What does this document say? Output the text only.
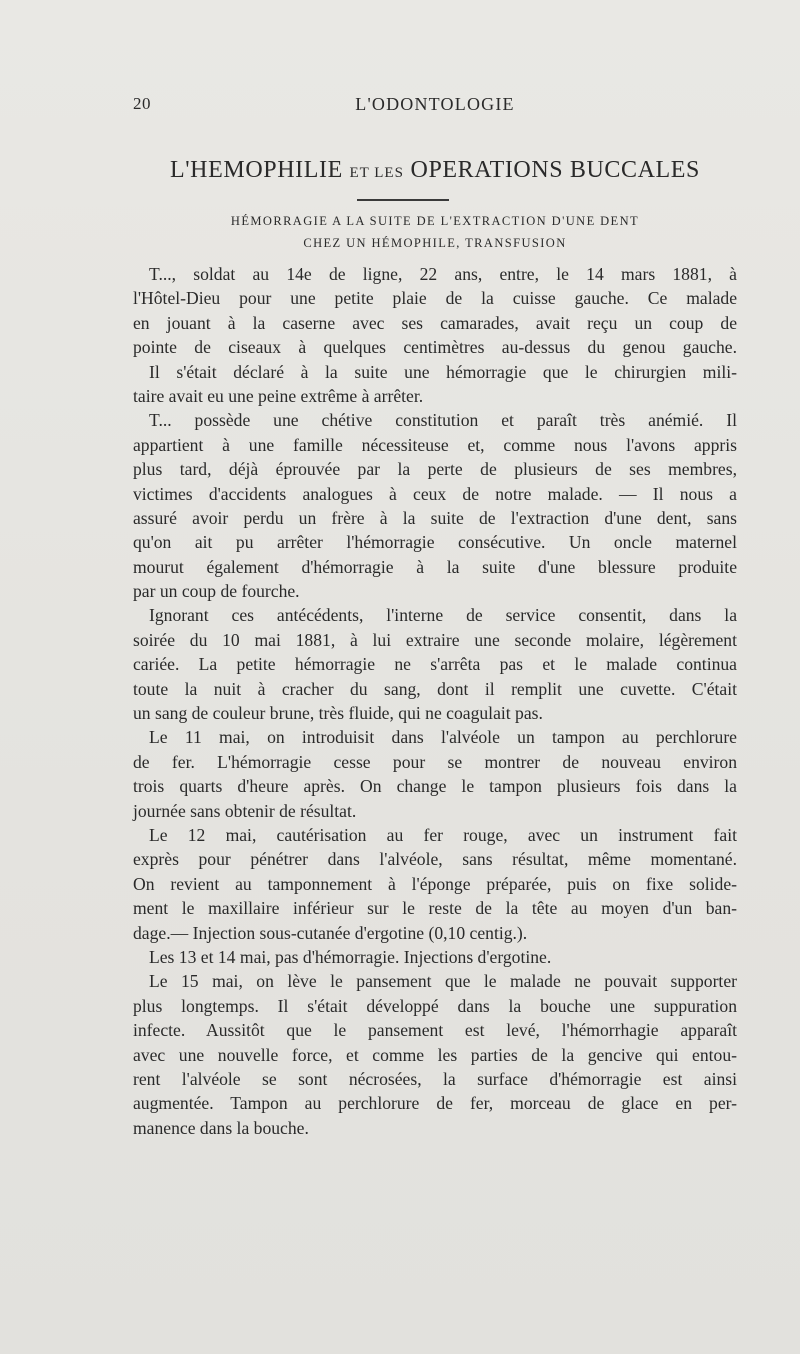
20	L'ODONTOLOGIE
L'HEMOPHILIE ET LES OPERATIONS BUCCALES
HÉMORRAGIE A LA SUITE DE L'EXTRACTION D'UNE DENT
CHEZ UN HÉMOPHILE, TRANSFUSION
T..., soldat au 14e de ligne, 22 ans, entre, le 14 mars 1881, à
l'Hôtel-Dieu pour une petite plaie de la cuisse gauche. Ce malade
en jouant à la caserne avec ses camarades, avait reçu un coup de
pointe de ciseaux à quelques centimètres au-dessus du genou gauche.
Il s'était déclaré à la suite une hémorragie que le chirurgien mili-
taire avait eu une peine extrême à arrêter.
T... possède une chétive constitution et paraît très anémié. Il
appartient à une famille nécessiteuse et, comme nous l'avons appris
plus tard, déjà éprouvée par la perte de plusieurs de ses membres,
victimes d'accidents analogues à ceux de notre malade. — Il nous a
assuré avoir perdu un frère à la suite de l'extraction d'une dent, sans
qu'on ait pu arrêter l'hémorragie consécutive. Un oncle maternel
mourut également d'hémorragie à la suite d'une blessure produite
par un coup de fourche.
Ignorant ces antécédents, l'interne de service consentit, dans la
soirée du 10 mai 1881, à lui extraire une seconde molaire, légèrement
cariée. La petite hémorragie ne s'arrêta pas et le malade continua
toute la nuit à cracher du sang, dont il remplit une cuvette. C'était
un sang de couleur brune, très fluide, qui ne coagulait pas.
Le 11 mai, on introduisit dans l'alvéole un tampon au perchlorure
de fer. L'hémorragie cesse pour se montrer de nouveau environ
trois quarts d'heure après. On change le tampon plusieurs fois dans la
journée sans obtenir de résultat.
Le 12 mai, cautérisation au fer rouge, avec un instrument fait
exprès pour pénétrer dans l'alvéole, sans résultat, même momentané.
On revient au tamponnement à l'éponge préparée, puis on fixe solide-
ment le maxillaire inférieur sur le reste de la tête au moyen d'un ban-
dage.— Injection sous-cutanée d'ergotine (0,10 centig.).
Les 13 et 14 mai, pas d'hémorragie. Injections d'ergotine.
Le 15 mai, on lève le pansement que le malade ne pouvait supporter
plus longtemps. Il s'était développé dans la bouche une suppuration
infecte. Aussitôt que le pansement est levé, l'hémorrhagie apparaît
avec une nouvelle force, et comme les parties de la gencive qui entou-
rent l'alvéole se sont nécrosées, la surface d'hémorragie est ainsi
augmentée. Tampon au perchlorure de fer, morceau de glace en per-
manence dans la bouche.
